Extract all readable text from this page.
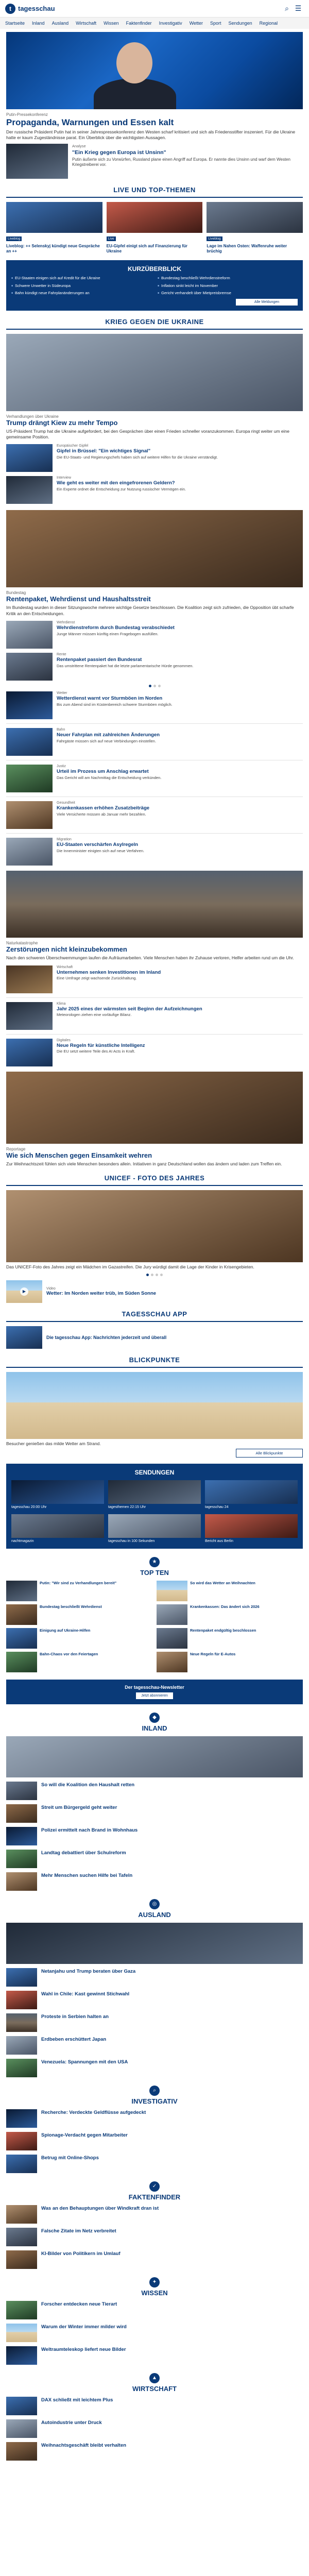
t	tagesschau	⌕ ☰
Startseite Inland Ausland Wirtschaft Wissen Faktenfinder Investigativ Wetter Sport Sendungen Regional
Putin-Pressekonferenz
Propaganda, Warnungen und Essen kalt
Der russische Präsident Putin hat in seiner Jahrespressekonferenz den Westen scharf kritisiert und sich als Friedensstifter inszeniert. Für die Ukraine hatte er kaum Zugeständnisse parat. Ein Überblick über die wichtigsten Aussagen.
Analyse
"Ein Krieg gegen Europa ist Unsinn"
Putin äußerte sich zu Vorwürfen, Russland plane einen Angriff auf Europa. Er nannte dies Unsinn und warf dem Westen Kriegstreiberei vor.
LIVE UND TOP-THEMEN
Liveblog
Liveblog: ++ Selenskyj kündigt neue Gespräche an ++
Live
EU-Gipfel einigt sich auf Finanzierung für Ukraine
Liveblog
Lage im Nahen Osten: Waffenruhe weiter brüchig
KURZÜBERBLICK
■ EU-Staaten einigen sich auf Kredit für die Ukraine	■ Bundestag beschließt Wehrdienstreform
■ Schwere Unwetter in Südeuropa	■ Inflation sinkt leicht im November
■ Bahn kündigt neue Fahrplanänderungen an	■ Gericht verhandelt über Mietpreisbremse
Alle Meldungen
KRIEG GEGEN DIE UKRAINE
Verhandlungen über Ukraine
Trump drängt Kiew zu mehr Tempo
US-Präsident Trump hat die Ukraine aufgefordert, bei den Gesprächen über einen Frieden schneller voranzukommen. Europa ringt weiter um eine gemeinsame Position.
Europäischer Gipfel
Gipfel in Brüssel: "Ein wichtiges Signal"
Die EU-Staats- und Regierungschefs haben sich auf weitere Hilfen für die Ukraine verständigt.
Interview
Wie geht es weiter mit den eingefrorenen Geldern?
Ein Experte ordnet die Entscheidung zur Nutzung russischer Vermögen ein.
Bundestag
Rentenpaket, Wehrdienst und Haushaltsstreit
Im Bundestag wurden in dieser Sitzungswoche mehrere wichtige Gesetze beschlossen. Die Koalition zeigt sich zufrieden, die Opposition übt scharfe Kritik an den Entscheidungen.
Wehrdienst
Wehrdienstreform durch Bundestag verabschiedet
Junge Männer müssen künftig einen Fragebogen ausfüllen.
Rente
Rentenpaket passiert den Bundesrat
Das umstrittene Rentenpaket hat die letzte parlamentarische Hürde genommen.
Wetter
Wetterdienst warnt vor Sturmböen im Norden
Bis zum Abend sind im Küstenbereich schwere Sturmböen möglich.
Bahn
Neuer Fahrplan mit zahlreichen Änderungen
Fahrgäste müssen sich auf neue Verbindungen einstellen.
Justiz
Urteil im Prozess um Anschlag erwartet
Das Gericht will am Nachmittag die Entscheidung verkünden.
Gesundheit
Krankenkassen erhöhen Zusatzbeiträge
Viele Versicherte müssen ab Januar mehr bezahlen.
Migration
EU-Staaten verschärfen Asylregeln
Die Innenminister einigten sich auf neue Verfahren.
Naturkatastrophe
Zerstörungen nicht kleinzubekommen
Nach den schweren Überschwemmungen laufen die Aufräumarbeiten. Viele Menschen haben ihr Zuhause verloren, Helfer arbeiten rund um die Uhr.
Wirtschaft
Unternehmen senken Investitionen im Inland
Eine Umfrage zeigt wachsende Zurückhaltung.
Klima
Jahr 2025 eines der wärmsten seit Beginn der Aufzeichnungen
Meteorologen ziehen eine vorläufige Bilanz.
Digitales
Neue Regeln für künstliche Intelligenz
Die EU setzt weitere Teile des AI Acts in Kraft.
Reportage
Wie sich Menschen gegen Einsamkeit wehren
Zur Weihnachtszeit fühlen sich viele Menschen besonders allein. Initiativen in ganz Deutschland wollen das ändern und laden zum Treffen ein.
UNICEF - FOTO DES JAHRES
Das UNICEF-Foto des Jahres zeigt ein Mädchen im Gazastreifen. Die Jury würdigt damit die Lage der Kinder in Krisengebieten.
▶
Video
Wetter: Im Norden weiter trüb, im Süden Sonne
TAGESSCHAU APP
Die tagesschau App: Nachrichten jederzeit und überall
BLICKPUNKTE
Besucher genießen das milde Wetter am Strand.
Alle Blickpunkte
SENDUNGEN
tagesschau 20:00 Uhr	tagesthemen 22:15 Uhr	tagesschau 24
nachtmagazin	tagesschau in 100 Sekunden	Bericht aus Berlin
★
TOP TEN
Putin: "Wir sind zu Verhandlungen bereit"	So wird das Wetter an Weihnachten
Bundestag beschließt Wehrdienst	Krankenkassen: Das ändert sich 2026
Einigung auf Ukraine-Hilfen	Rentenpaket endgültig beschlossen
Bahn-Chaos vor den Feiertagen	Neue Regeln für E-Autos
Der tagesschau-Newsletter
Jetzt abonnieren
◆
INLAND
So will die Koalition den Haushalt retten
Streit um Bürgergeld geht weiter
Polizei ermittelt nach Brand in Wohnhaus
Landtag debattiert über Schulreform
Mehr Menschen suchen Hilfe bei Tafeln
◎
AUSLAND
Netanjahu und Trump beraten über Gaza
Wahl in Chile: Kast gewinnt Stichwahl
Proteste in Serbien halten an
Erdbeben erschüttert Japan
Venezuela: Spannungen mit den USA
⌕
INVESTIGATIV
Recherche: Verdeckte Geldflüsse aufgedeckt
Spionage-Verdacht gegen Mitarbeiter
Betrug mit Online-Shops
✓
FAKTENFINDER
Was an den Behauptungen über Windkraft dran ist
Falsche Zitate im Netz verbreitet
KI-Bilder von Politikern im Umlauf
✦
WISSEN
Forscher entdecken neue Tierart
Warum der Winter immer milder wird
Weltraumteleskop liefert neue Bilder
▲
WIRTSCHAFT
DAX schließt mit leichtem Plus
Autoindustrie unter Druck
Weihnachtsgeschäft bleibt verhalten
